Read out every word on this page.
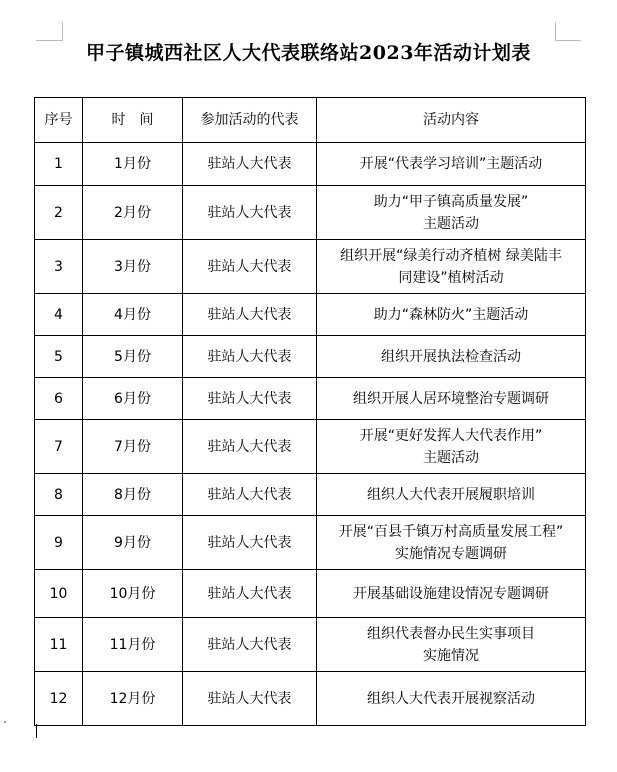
甲子镇城西社区人大代表联络站2023年活动计划表
序号	时　间	参加活动的代表	活动内容
1	1月份	驻站人大代表	开展“代表学习培训”主题活动

2	2月份	驻站人大代表	助力“甲子镇高质量发展”
主题活动

3	3月份	驻站人大代表	组织开展“绿美行动齐植树 绿美陆丰
同建设”植树活动

4	4月份	驻站人大代表	助力“森林防火”主题活动

5	5月份	驻站人大代表	组织开展执法检查活动

6	6月份	驻站人大代表	组织开展人居环境整治专题调研

7	7月份	驻站人大代表	开展“更好发挥人大代表作用”
主题活动

8	8月份	驻站人大代表	组织人大代表开展履职培训

9	9月份	驻站人大代表	开展“百县千镇万村高质量发展工程”
实施情况专题调研

10	10月份	驻站人大代表	开展基础设施建设情况专题调研

11	11月份	驻站人大代表	组织代表督办民生实事项目
实施情况

12	12月份	驻站人大代表	组织人大代表开展视察活动
